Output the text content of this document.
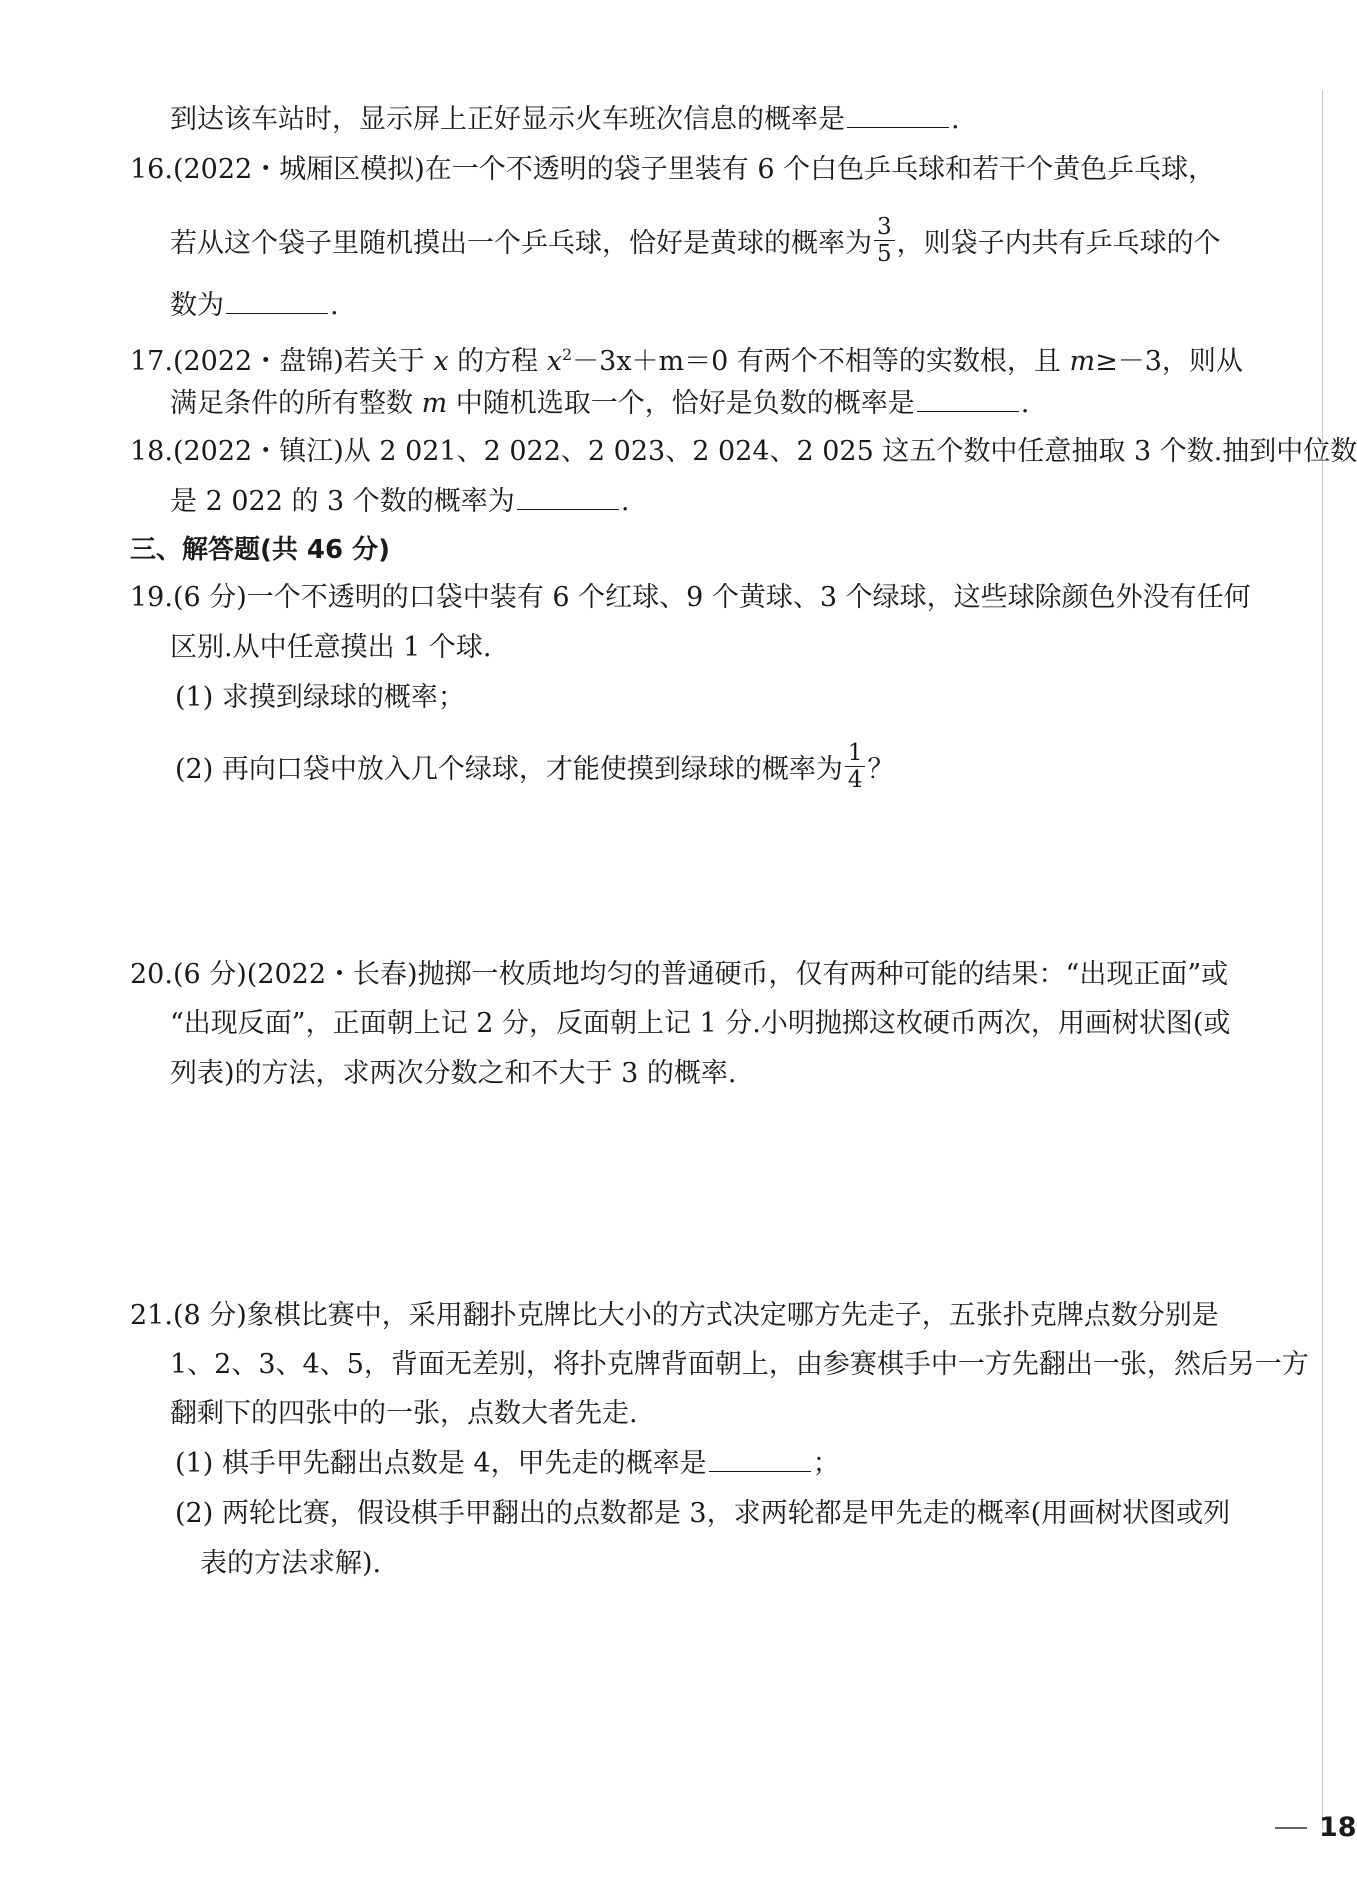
到达该车站时，显示屏上正好显示火车班次信息的概率是	.
16.(2022・城厢区模拟)在一个不透明的袋子里装有 6 个白色乒乓球和若干个黄色乒乓球，
若从这个袋子里随机摸出一个乒乓球，恰好是黄球的概率为 $\frac{3}{5}$ ，则袋子内共有乒乓球的个
数为	.
17.(2022・盘锦)若关于 x 的方程 $x^2-3x+m=0$ 有两个不相等的实数根，且 m≥－3，则从
满足条件的所有整数 m 中随机选取一个，恰好是负数的概率是	.
18.(2022・镇江)从 2 021、2 022、2 023、2 024、2 025 这五个数中任意抽取 3 个数.抽到中位数
是 2 022 的 3 个数的概率为	.
三、解答题(共 46 分)
19.(6 分)一个不透明的口袋中装有 6 个红球、9 个黄球、3 个绿球，这些球除颜色外没有任何
区别.从中任意摸出 1 个球.
(1) 求摸到绿球的概率；
(2) 再向口袋中放入几个绿球，才能使摸到绿球的概率为 $\frac{1}{4}$ ？
20.(6 分)(2022・长春)抛掷一枚质地均匀的普通硬币，仅有两种可能的结果：“出现正面”或
“出现反面”，正面朝上记 2 分，反面朝上记 1 分.小明抛掷这枚硬币两次，用画树状图(或
列表)的方法，求两次分数之和不大于 3 的概率.
21.(8 分)象棋比赛中，采用翻扑克牌比大小的方式决定哪方先走子，五张扑克牌点数分别是
1、2、3、4、5，背面无差别，将扑克牌背面朝上，由参赛棋手中一方先翻出一张，然后另一方
翻剩下的四张中的一张，点数大者先走.
(1) 棋手甲先翻出点数是 4，甲先走的概率是	；
(2) 两轮比赛，假设棋手甲翻出的点数都是 3，求两轮都是甲先走的概率(用画树状图或列
表的方法求解).
18
